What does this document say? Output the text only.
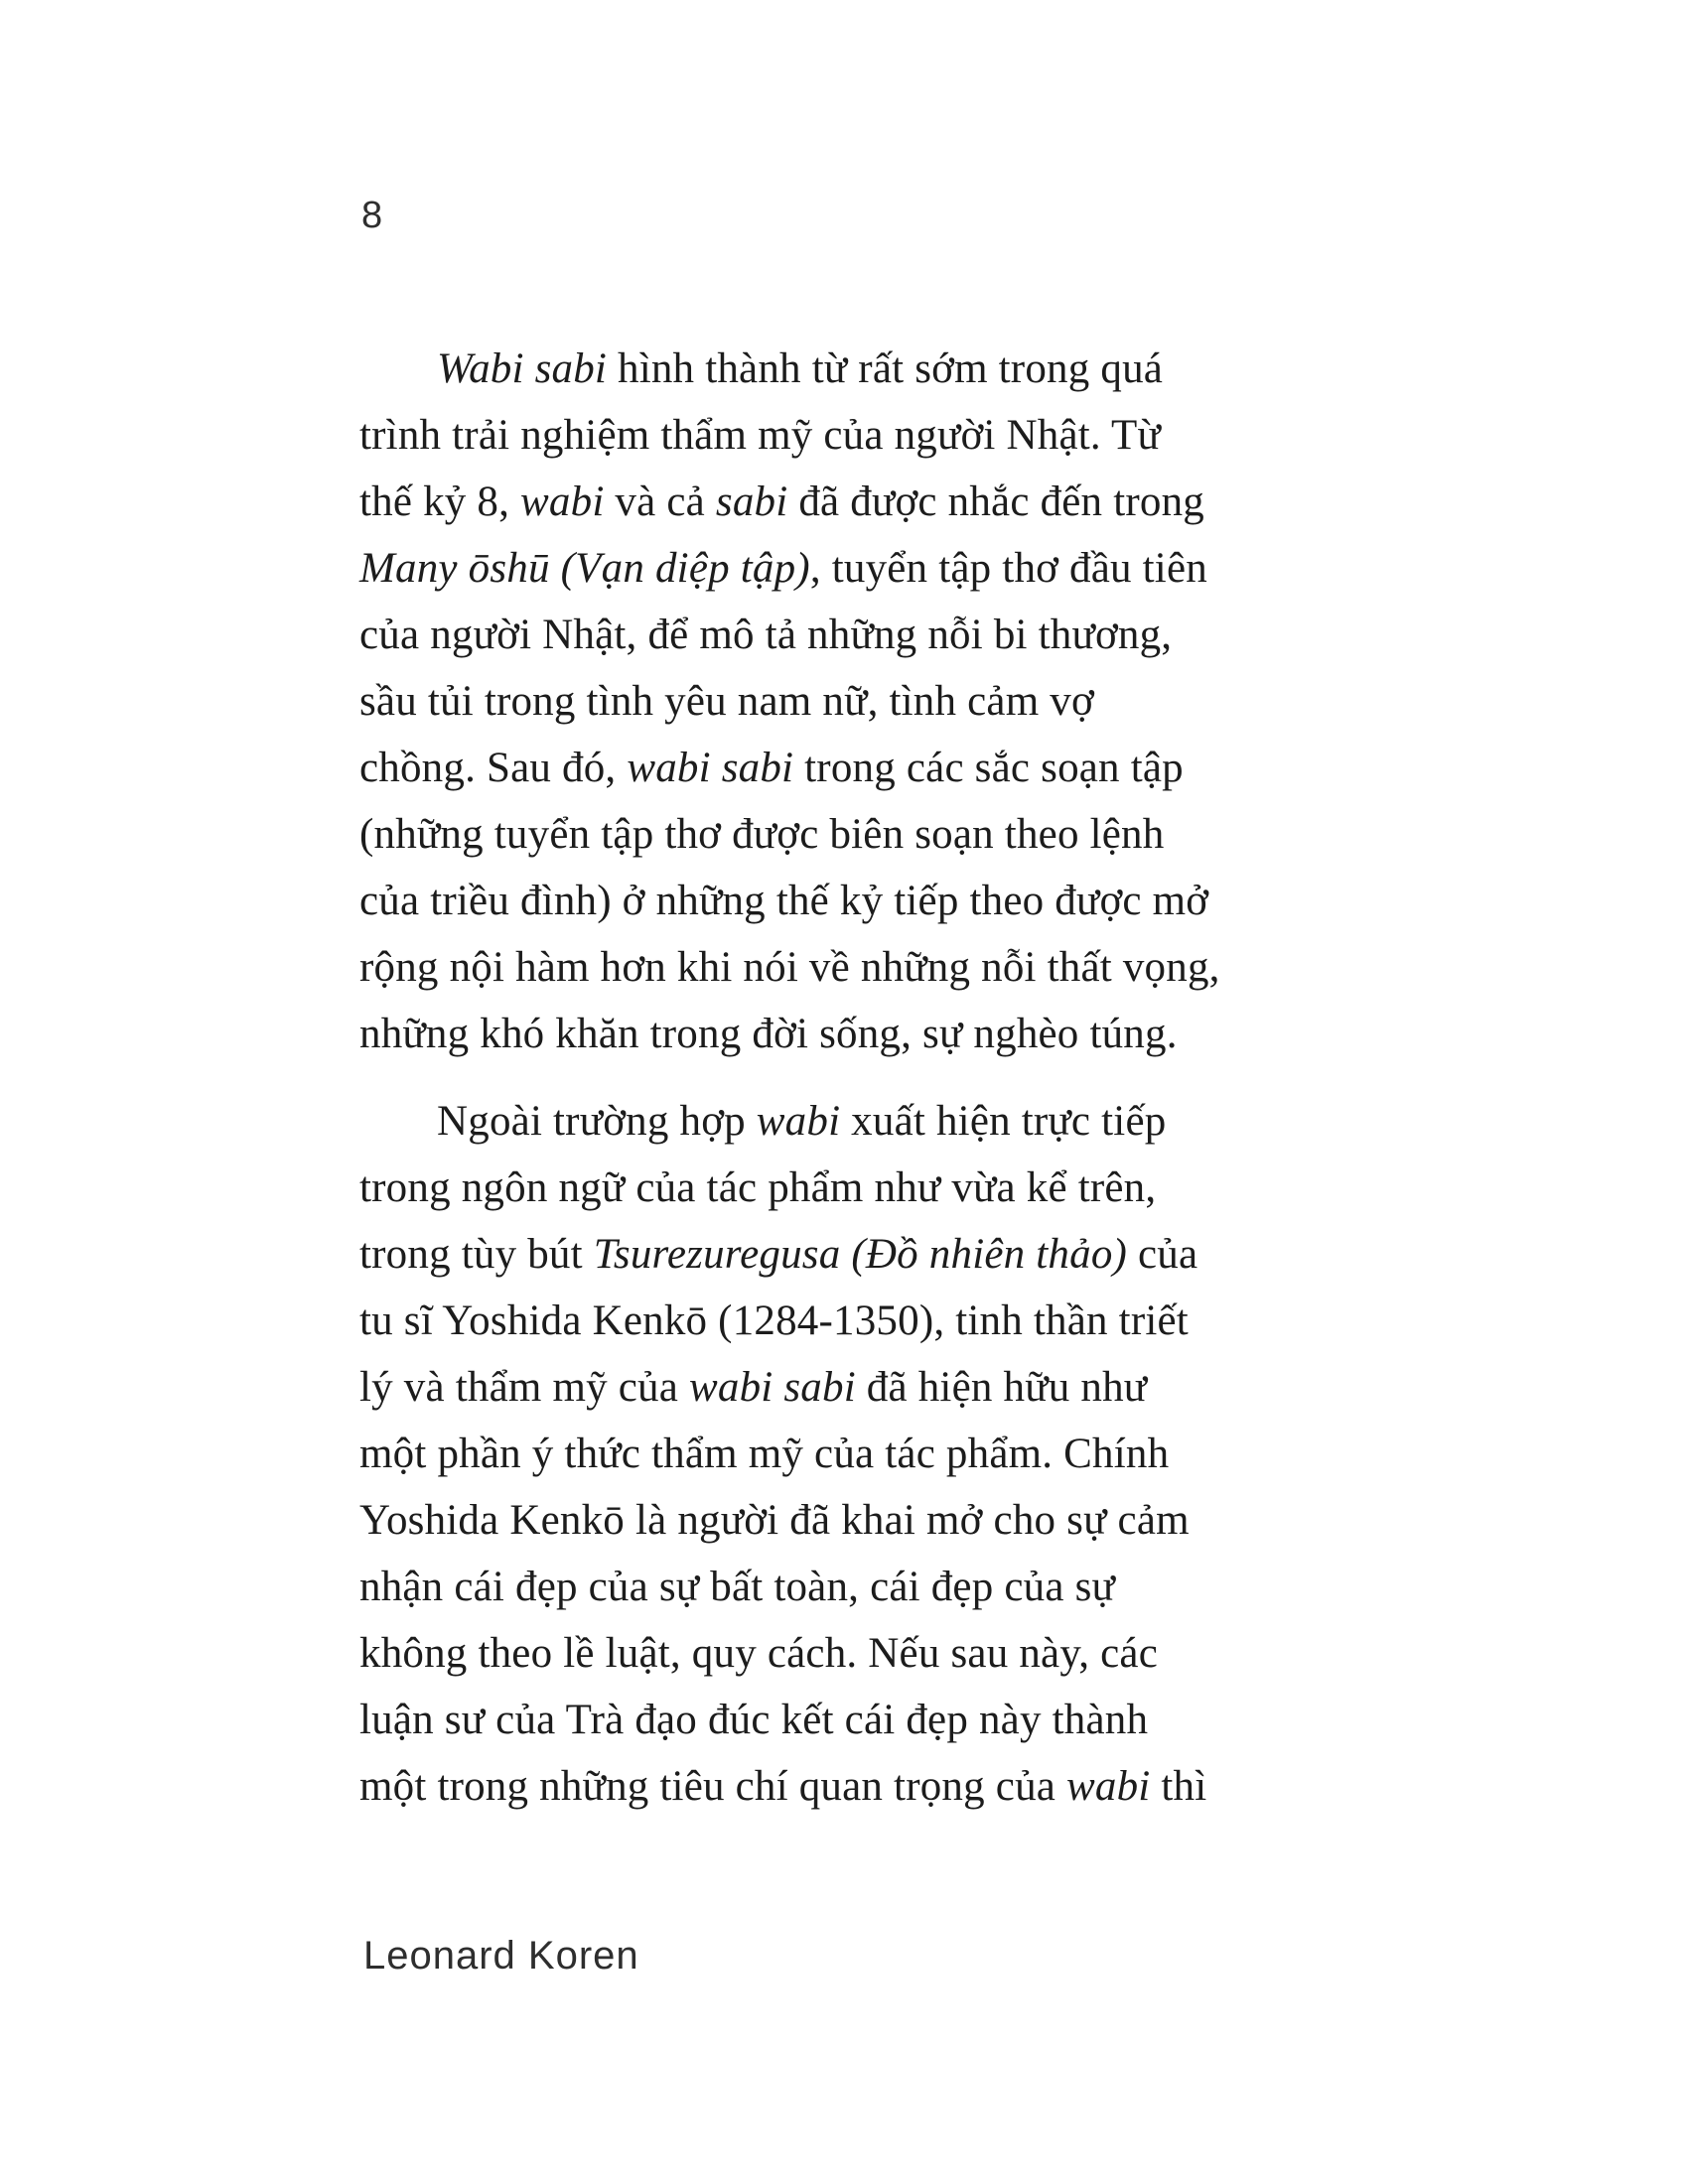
8
Wabi sabi hình thành từ rất sớm trong quá
trình trải nghiệm thẩm mỹ của người Nhật. Từ
thế kỷ 8, wabi và cả sabi đã được nhắc đến trong
Many ōshū (Vạn diệp tập), tuyển tập thơ đầu tiên
của người Nhật, để mô tả những nỗi bi thương,
sầu tủi trong tình yêu nam nữ, tình cảm vợ
chồng. Sau đó, wabi sabi trong các sắc soạn tập
(những tuyển tập thơ được biên soạn theo lệnh
của triều đình) ở những thế kỷ tiếp theo được mở
rộng nội hàm hơn khi nói về những nỗi thất vọng,
những khó khăn trong đời sống, sự nghèo túng.
Ngoài trường hợp wabi xuất hiện trực tiếp
trong ngôn ngữ của tác phẩm như vừa kể trên,
trong tùy bút Tsurezuregusa (Đồ nhiên thảo) của
tu sĩ Yoshida Kenkō (1284-1350), tinh thần triết
lý và thẩm mỹ của wabi sabi đã hiện hữu như
một phần ý thức thẩm mỹ của tác phẩm. Chính
Yoshida Kenkō là người đã khai mở cho sự cảm
nhận cái đẹp của sự bất toàn, cái đẹp của sự
không theo lề luật, quy cách. Nếu sau này, các
luận sư của Trà đạo đúc kết cái đẹp này thành
một trong những tiêu chí quan trọng của wabi thì
Leonard Koren
